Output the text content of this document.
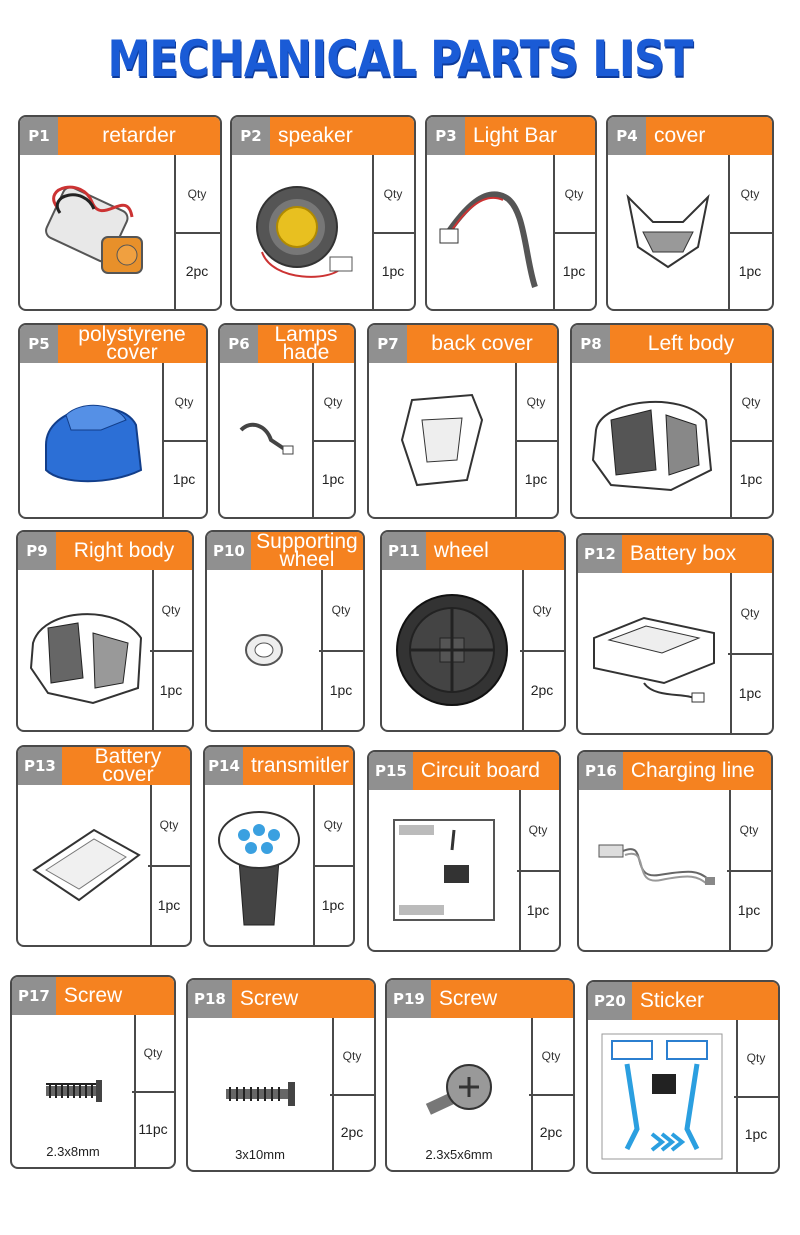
MECHANICAL PARTS LIST
P1	retarder
Qty
2pc
P2 speaker
Qty
1pc
P3 Light Bar
Qty
1pc
P4 cover
Qty
1pc
P5	polystyrene cover
Qty
1pc
P6	Lamps hade
Qty
1pc
P7	back cover
Qty
1pc
P8	Left body
Qty
1pc
P9	Right body
Qty
1pc
P10 Supporting wheel
Qty
1pc
P11 wheel
Qty
2pc
P12 Battery box
Qty
1pc
P13	Battery cover
Qty
1pc
P14 transmitler
Qty
1pc
P15 Circuit board
Qty
1pc
P16 Charging line
Qty
1pc
P17 Screw
2.3x8mm
Qty
11pc
P18 Screw
3x10mm
Qty
2pc
P19 Screw
2.3x5x6mm
Qty
2pc
P20 Sticker
Qty
1pc
